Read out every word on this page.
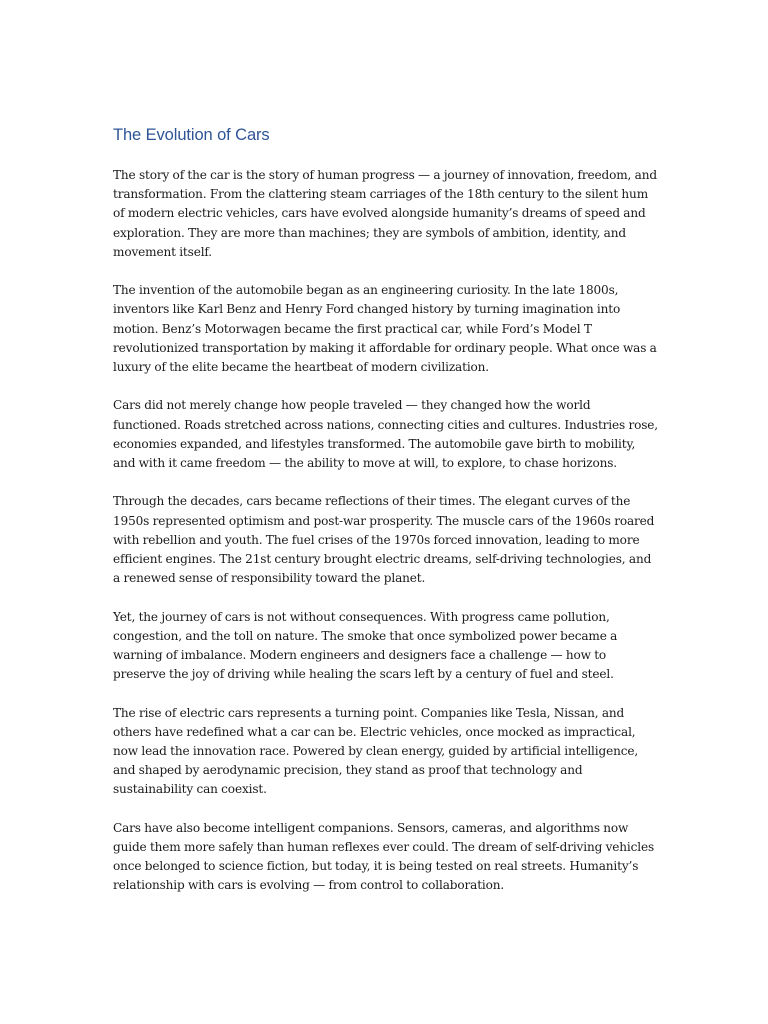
The Evolution of Cars

The story of the car is the story of human progress — a journey of innovation, freedom, and transformation. From the clattering steam carriages of the 18th century to the silent hum of modern electric vehicles, cars have evolved alongside humanity’s dreams of speed and exploration. They are more than machines; they are symbols of ambition, identity, and movement itself.

The invention of the automobile began as an engineering curiosity. In the late 1800s, inventors like Karl Benz and Henry Ford changed history by turning imagination into motion. Benz’s Motorwagen became the first practical car, while Ford’s Model T revolutionized transportation by making it affordable for ordinary people. What once was a luxury of the elite became the heartbeat of modern civilization.

Cars did not merely change how people traveled — they changed how the world functioned. Roads stretched across nations, connecting cities and cultures. Industries rose, economies expanded, and lifestyles transformed. The automobile gave birth to mobility, and with it came freedom — the ability to move at will, to explore, to chase horizons.

Through the decades, cars became reflections of their times. The elegant curves of the 1950s represented optimism and post-war prosperity. The muscle cars of the 1960s roared with rebellion and youth. The fuel crises of the 1970s forced innovation, leading to more efficient engines. The 21st century brought electric dreams, self-driving technologies, and a renewed sense of responsibility toward the planet.

Yet, the journey of cars is not without consequences. With progress came pollution, congestion, and the toll on nature. The smoke that once symbolized power became a warning of imbalance. Modern engineers and designers face a challenge — how to preserve the joy of driving while healing the scars left by a century of fuel and steel.

The rise of electric cars represents a turning point. Companies like Tesla, Nissan, and others have redefined what a car can be. Electric vehicles, once mocked as impractical, now lead the innovation race. Powered by clean energy, guided by artificial intelligence, and shaped by aerodynamic precision, they stand as proof that technology and sustainability can coexist.

Cars have also become intelligent companions. Sensors, cameras, and algorithms now guide them more safely than human reflexes ever could. The dream of self-driving vehicles once belonged to science fiction, but today, it is being tested on real streets. Humanity’s relationship with cars is evolving — from control to collaboration.
